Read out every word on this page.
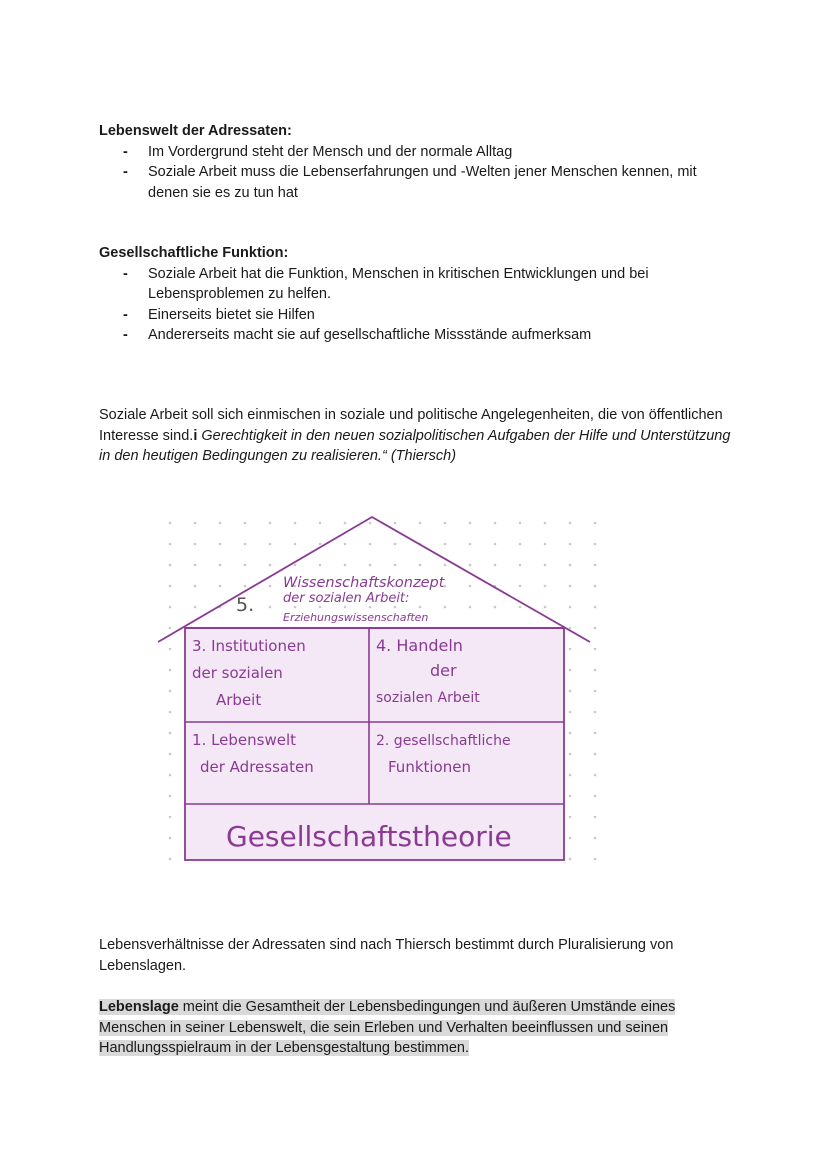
Lebenswelt der Adressaten:

- Im Vordergrund steht der Mensch und der normale Alltag
- Soziale Arbeit muss die Lebenserfahrungen und -Welten jener Menschen kennen, mit denen sie es zu tun hat

Gesellschaftliche Funktion:

- Soziale Arbeit hat die Funktion, Menschen in kritischen Entwicklungen und bei Lebensproblemen zu helfen.
- Einerseits bietet sie Hilfen
- Andererseits macht sie auf gesellschaftliche Missstände aufmerksam

Soziale Arbeit soll sich einmischen in soziale und politische Angelegenheiten, die von öffentlichen Interesse sind.i Gerechtigkeit in den neuen sozialpolitischen Aufgaben der Hilfe und Unterstützung in den heutigen Bedingungen zu realisieren.“ (Thiersch)

5.
Wissenschaftskonzept
der sozialen Arbeit:
Erziehungswissenschaften
3. Institutionen
der sozialen
Arbeit
4. Handeln
der
sozialen Arbeit
1. Lebenswelt
der Adressaten
2. gesellschaftliche
Funktionen
Gesellschaftstheorie

Lebensverhältnisse der Adressaten sind nach Thiersch bestimmt durch Pluralisierung von Lebenslagen.

Lebenslage meint die Gesamtheit der Lebensbedingungen und äußeren Umstände eines Menschen in seiner Lebenswelt, die sein Erleben und Verhalten beeinflussen und seinen Handlungsspielraum in der Lebensgestaltung bestimmen.
